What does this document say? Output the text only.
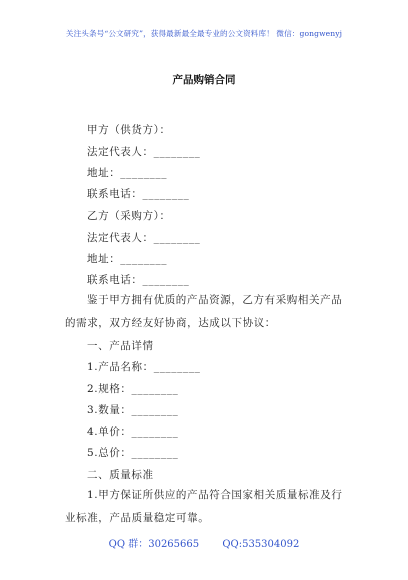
关注头条号“公文研究”，获得最新最全最专业的公文资料库！ 微信：gongwenyj
产品购销合同
甲方（供货方）：
法定代表人：________
地址：________
联系电话：________
乙方（采购方）：
法定代表人：________
地址：________
联系电话：________
鉴于甲方拥有优质的产品资源，乙方有采购相关产品的需求，双方经友好协商，达成以下协议：
一、产品详情
1.产品名称：________
2.规格：________
3.数量：________
4.单价：________
5.总价：________
二、质量标准
1.甲方保证所供应的产品符合国家相关质量标准及行业标准，产品质量稳定可靠。
QQ 群：30265665 QQ:535304092
